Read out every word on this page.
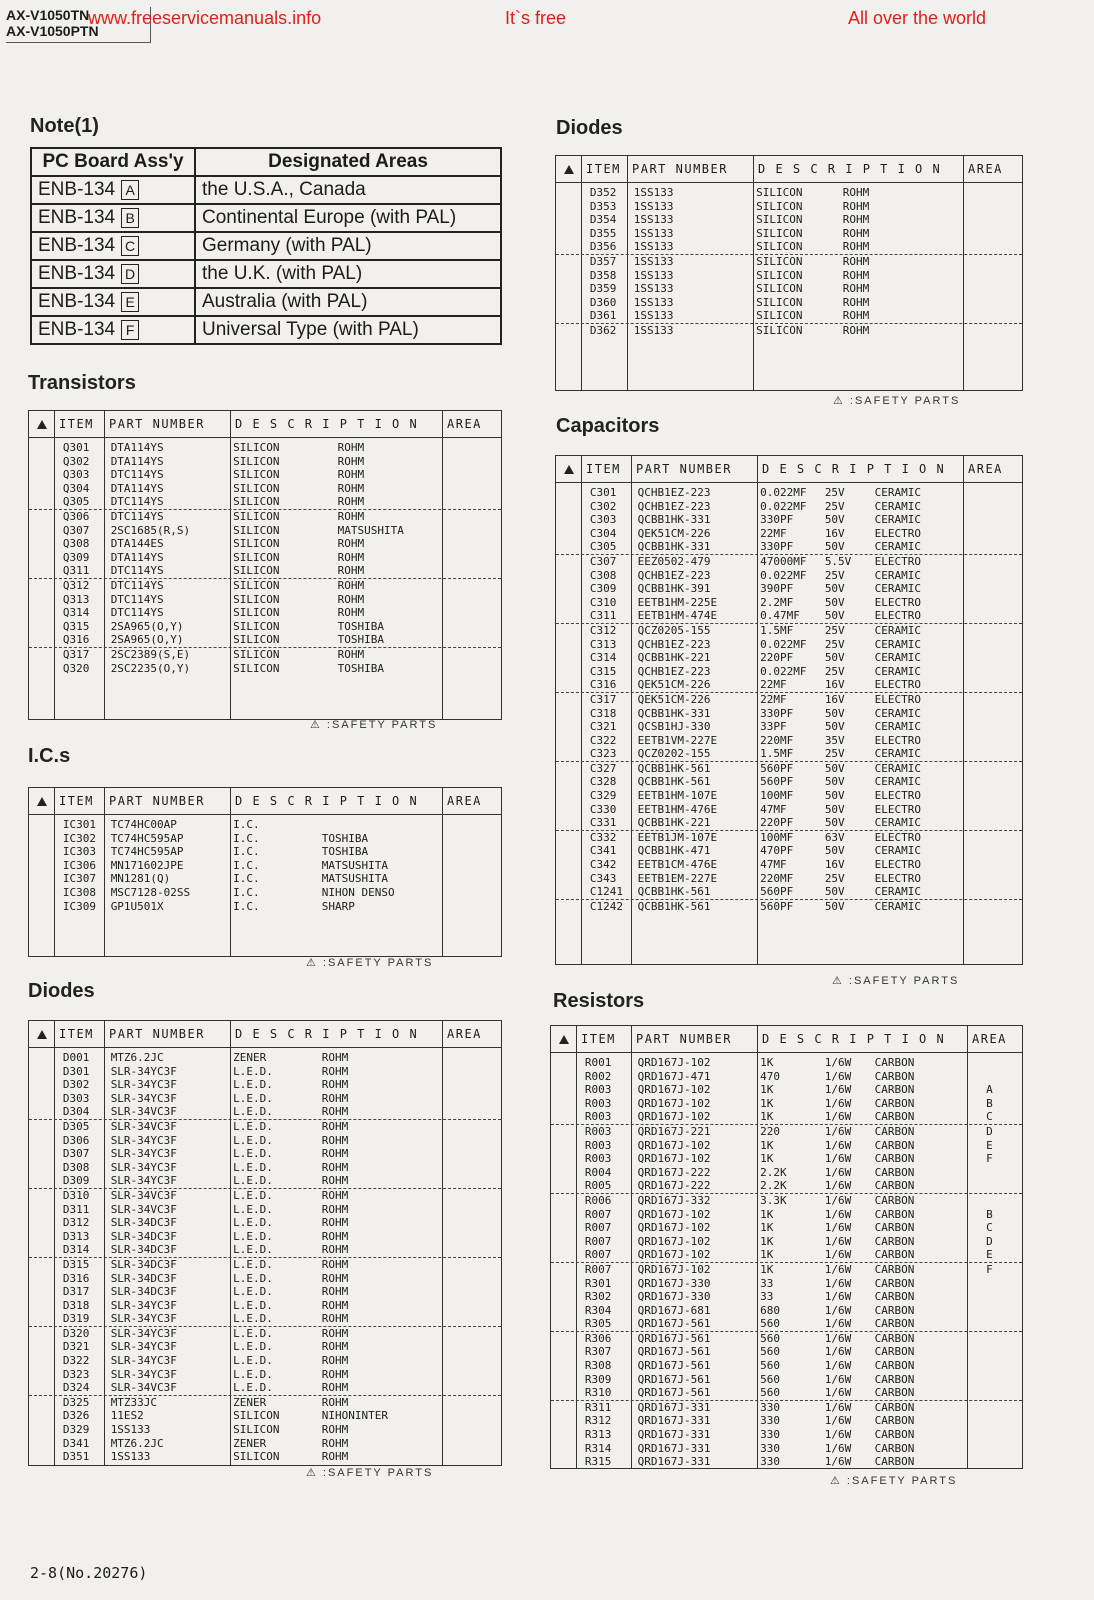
AX-V1050TN
AX-V1050PTN
www.freeservicemanuals.info	It`s free	All over the world
Note(1)
PC Board Ass'y	Designated Areas
ENB-134 A	the U.S.A., Canada
ENB-134 B	Continental Europe (with PAL)
ENB-134 C	Germany (with PAL)
ENB-134 D	the U.K. (with PAL)
ENB-134 E	Australia (with PAL)
ENB-134 F	Universal Type (with PAL)
Transistors
I.C.s
Diodes
Diodes
Capacitors
Resistors
ITEM	PART NUMBER	D E S C R I P T I O N	AREA
Q301	DTA114YS	SILICON	ROHM
Q302	DTA114YS	SILICON	ROHM
Q303	DTC114YS	SILICON	ROHM
Q304	DTA114YS	SILICON	ROHM
Q305	DTC114YS	SILICON	ROHM
Q306	DTC114YS	SILICON	ROHM
Q307	2SC1685(R,S)	SILICON	MATSUSHITA
Q308	DTA144ES	SILICON	ROHM
Q309	DTA114YS	SILICON	ROHM
Q311	DTC114YS	SILICON	ROHM
Q312	DTC114YS	SILICON	ROHM
Q313	DTC114YS	SILICON	ROHM
Q314	DTC114YS	SILICON	ROHM
Q315	2SA965(O,Y)	SILICON	TOSHIBA
Q316	2SA965(O,Y)	SILICON	TOSHIBA
Q317	2SC2389(S,E)	SILICON	ROHM
Q320	2SC2235(O,Y)	SILICON	TOSHIBA
ITEM	PART NUMBER	D E S C R I P T I O N	AREA
IC301	TC74HC00AP	I.C.
IC302	TC74HC595AP	I.C.	TOSHIBA
IC303	TC74HC595AP	I.C.	TOSHIBA
IC306	MN171602JPE	I.C.	MATSUSHITA
IC307	MN1281(Q)	I.C.	MATSUSHITA
IC308	MSC7128-02SS	I.C.	NIHON DENSO
IC309	GP1U501X	I.C.	SHARP
ITEM	PART NUMBER	D E S C R I P T I O N	AREA
D001	MTZ6.2JC	ZENER	ROHM
D301	SLR-34YC3F	L.E.D.	ROHM
D302	SLR-34YC3F	L.E.D.	ROHM
D303	SLR-34YC3F	L.E.D.	ROHM
D304	SLR-34VC3F	L.E.D.	ROHM
D305	SLR-34VC3F	L.E.D.	ROHM
D306	SLR-34YC3F	L.E.D.	ROHM
D307	SLR-34YC3F	L.E.D.	ROHM
D308	SLR-34YC3F	L.E.D.	ROHM
D309	SLR-34YC3F	L.E.D.	ROHM
D310	SLR-34VC3F	L.E.D.	ROHM
D311	SLR-34VC3F	L.E.D.	ROHM
D312	SLR-34DC3F	L.E.D.	ROHM
D313	SLR-34DC3F	L.E.D.	ROHM
D314	SLR-34DC3F	L.E.D.	ROHM
D315	SLR-34DC3F	L.E.D.	ROHM
D316	SLR-34DC3F	L.E.D.	ROHM
D317	SLR-34DC3F	L.E.D.	ROHM
D318	SLR-34YC3F	L.E.D.	ROHM
D319	SLR-34YC3F	L.E.D.	ROHM
D320	SLR-34YC3F	L.E.D.	ROHM
D321	SLR-34YC3F	L.E.D.	ROHM
D322	SLR-34YC3F	L.E.D.	ROHM
D323	SLR-34YC3F	L.E.D.	ROHM
D324	SLR-34VC3F	L.E.D.	ROHM
D325	MTZ33JC	ZENER	ROHM
D326	11ES2	SILICON	NIHONINTER
D329	1SS133	SILICON	ROHM
D341	MTZ6.2JC	ZENER	ROHM
D351	1SS133	SILICON	ROHM
ITEM PART NUMBER	D E S C R I P T I O N	AREA
D352	1SS133	SILICON	ROHM
D353	1SS133	SILICON	ROHM
D354	1SS133	SILICON	ROHM
D355	1SS133	SILICON	ROHM
D356	1SS133	SILICON	ROHM
D357	1SS133	SILICON	ROHM
D358	1SS133	SILICON	ROHM
D359	1SS133	SILICON	ROHM
D360	1SS133	SILICON	ROHM
D361	1SS133	SILICON	ROHM
D362	1SS133	SILICON	ROHM
ITEM	PART NUMBER	D E S C R I P T I O N	AREA
C301	QCHB1EZ-223	0.022MF	25V	CERAMIC
C302	QCHB1EZ-223	0.022MF	25V	CERAMIC
C303	QCBB1HK-331	330PF	50V	CERAMIC
C304	QEK51CM-226	22MF	16V	ELECTRO
C305	QCBB1HK-331	330PF	50V	CERAMIC
C307	EEZ0502-479	47000MF	5.5V	ELECTRO
C308	QCHB1EZ-223	0.022MF	25V	CERAMIC
C309	QCBB1HK-391	390PF	50V	CERAMIC
C310	EETB1HM-225E	2.2MF	50V	ELECTRO
C311	EETB1HM-474E	0.47MF	50V	ELECTRO
C312	QCZ0205-155	1.5MF	25V	CERAMIC
C313	QCHB1EZ-223	0.022MF	25V	CERAMIC
C314	QCBB1HK-221	220PF	50V	CERAMIC
C315	QCHB1EZ-223	0.022MF	25V	CERAMIC
C316	QEK51CM-226	22MF	16V	ELECTRO
C317	QEK51CM-226	22MF	16V	ELECTRO
C318	QCBB1HK-331	330PF	50V	CERAMIC
C321	QCSB1HJ-330	33PF	50V	CERAMIC
C322	EETB1VM-227E	220MF	35V	ELECTRO
C323	QCZ0202-155	1.5MF	25V	CERAMIC
C327	QCBB1HK-561	560PF	50V	CERAMIC
C328	QCBB1HK-561	560PF	50V	CERAMIC
C329	EETB1HM-107E	100MF	50V	ELECTRO
C330	EETB1HM-476E	47MF	50V	ELECTRO
C331	QCBB1HK-221	220PF	50V	CERAMIC
C332	EETB1JM-107E	100MF	63V	ELECTRO
C341	QCBB1HK-471	470PF	50V	CERAMIC
C342	EETB1CM-476E	47MF	16V	ELECTRO
C343	EETB1EM-227E	220MF	25V	ELECTRO
C1241	QCBB1HK-561	560PF	50V	CERAMIC
C1242	QCBB1HK-561	560PF	50V	CERAMIC
ITEM	PART NUMBER	D E S C R I P T I O N	AREA
R001	QRD167J-102	1K	1/6W	CARBON
R002	QRD167J-471	470	1/6W	CARBON
R003	QRD167J-102	1K	1/6W	CARBON	A
R003	QRD167J-102	1K	1/6W	CARBON	B
R003	QRD167J-102	1K	1/6W	CARBON	C
R003	QRD167J-221	220	1/6W	CARBON	D
R003	QRD167J-102	1K	1/6W	CARBON	E
R003	QRD167J-102	1K	1/6W	CARBON	F
R004	QRD167J-222	2.2K	1/6W	CARBON
R005	QRD167J-222	2.2K	1/6W	CARBON
R006	QRD167J-332	3.3K	1/6W	CARBON
R007	QRD167J-102	1K	1/6W	CARBON	B
R007	QRD167J-102	1K	1/6W	CARBON	C
R007	QRD167J-102	1K	1/6W	CARBON	D
R007	QRD167J-102	1K	1/6W	CARBON	E
R007	QRD167J-102	1K	1/6W	CARBON	F
R301	QRD167J-330	33	1/6W	CARBON
R302	QRD167J-330	33	1/6W	CARBON
R304	QRD167J-681	680	1/6W	CARBON
R305	QRD167J-561	560	1/6W	CARBON
R306	QRD167J-561	560	1/6W	CARBON
R307	QRD167J-561	560	1/6W	CARBON
R308	QRD167J-561	560	1/6W	CARBON
R309	QRD167J-561	560	1/6W	CARBON
R310	QRD167J-561	560	1/6W	CARBON
R311	QRD167J-331	330	1/6W	CARBON
R312	QRD167J-331	330	1/6W	CARBON
R313	QRD167J-331	330	1/6W	CARBON
R314	QRD167J-331	330	1/6W	CARBON
R315	QRD167J-331	330	1/6W	CARBON
⚠ :SAFETY PARTS
⚠ :SAFETY PARTS
⚠ :SAFETY PARTS
⚠ :SAFETY PARTS
⚠ :SAFETY PARTS
⚠ :SAFETY PARTS
2-8(No.20276)
